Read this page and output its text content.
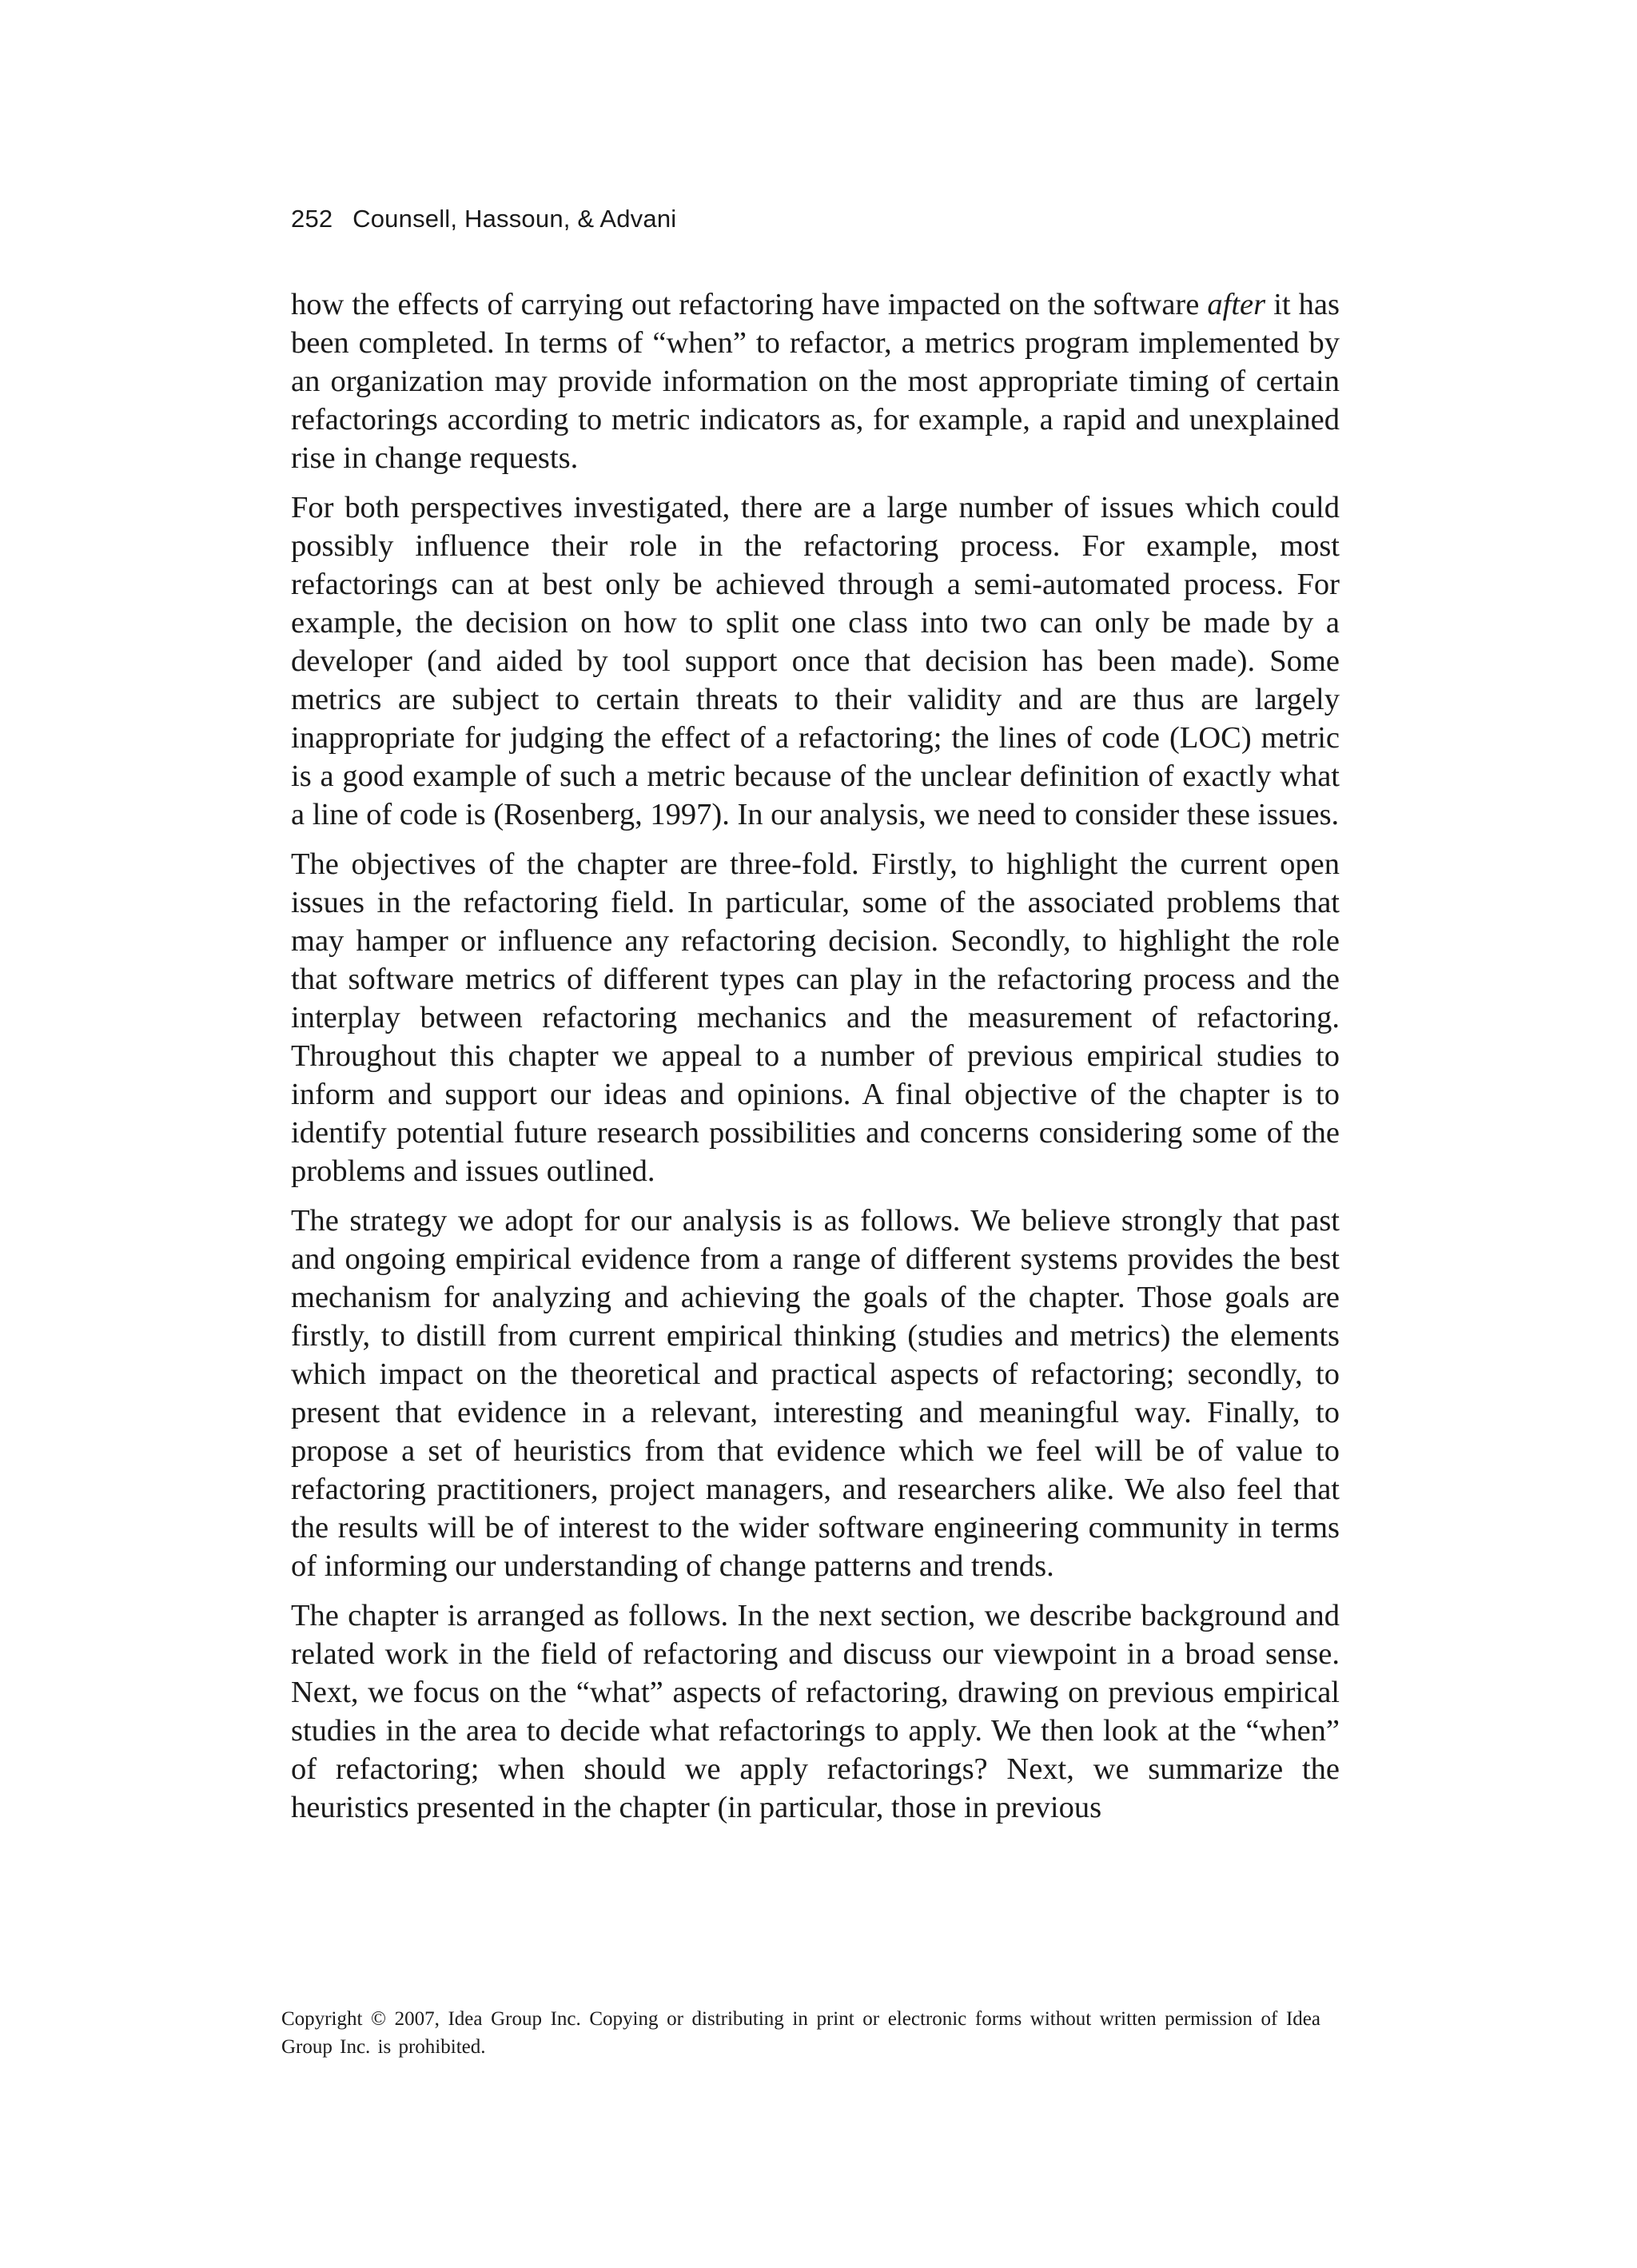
252 Counsell, Hassoun, & Advani

how the effects of carrying out refactoring have impacted on the software after it has been completed. In terms of “when” to refactor, a metrics program implemented by an organization may provide information on the most appropriate timing of certain refactorings according to metric indicators as, for example, a rapid and unexplained rise in change requests.

For both perspectives investigated, there are a large number of issues which could possibly influence their role in the refactoring process. For example, most refactorings can at best only be achieved through a semi-automated process. For example, the decision on how to split one class into two can only be made by a developer (and aided by tool support once that decision has been made). Some metrics are subject to certain threats to their validity and are thus are largely inappropriate for judging the effect of a refactoring; the lines of code (LOC) metric is a good example of such a metric because of the unclear definition of exactly what a line of code is (Rosenberg, 1997). In our analysis, we need to consider these issues.

The objectives of the chapter are three-fold. Firstly, to highlight the current open issues in the refactoring field. In particular, some of the associated problems that may hamper or influence any refactoring decision. Secondly, to highlight the role that software metrics of different types can play in the refactoring process and the interplay between refactoring mechanics and the measurement of refactoring. Throughout this chapter we appeal to a number of previous empirical studies to inform and support our ideas and opinions. A final objective of the chapter is to identify potential future research possibilities and concerns considering some of the problems and issues outlined.

The strategy we adopt for our analysis is as follows. We believe strongly that past and ongoing empirical evidence from a range of different systems provides the best mechanism for analyzing and achieving the goals of the chapter. Those goals are firstly, to distill from current empirical thinking (studies and metrics) the elements which impact on the theoretical and practical aspects of refactoring; secondly, to present that evidence in a relevant, interesting and meaningful way. Finally, to propose a set of heuristics from that evidence which we feel will be of value to refactoring practitioners, project managers, and researchers alike. We also feel that the results will be of interest to the wider software engineering community in terms of informing our understanding of change patterns and trends.

The chapter is arranged as follows. In the next section, we describe background and related work in the field of refactoring and discuss our viewpoint in a broad sense. Next, we focus on the “what” aspects of refactoring, drawing on previous empirical studies in the area to decide what refactorings to apply. We then look at the “when” of refactoring; when should we apply refactorings? Next, we summarize the heuristics presented in the chapter (in particular, those in previous

Copyright © 2007, Idea Group Inc. Copying or distributing in print or electronic forms without written permission of Idea Group Inc. is prohibited.
